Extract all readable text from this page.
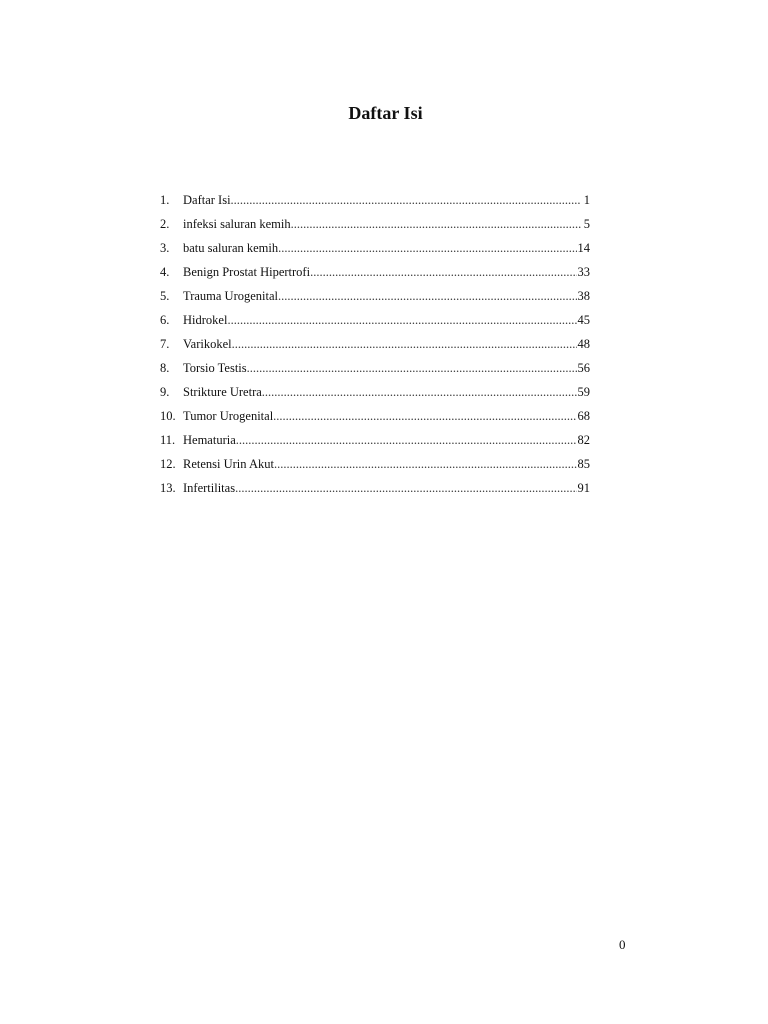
Daftar Isi
1.	Daftar Isi .....	1
2.	infeksi saluran kemih .....	5
3.	batu saluran kemih .....	14
4.	Benign Prostat Hipertrofi .....	33
5.	Trauma Urogenital .....	38
6.	Hidrokel .....	45
7.	Varikokel .....	48
8.	Torsio Testis .....	56
9.	Strikture Uretra .....	59
10. Tumor Urogenital .....	68
11. Hematuria .....	82
12. Retensi Urin Akut .....	85
13. Infertilitas .....	91
0
